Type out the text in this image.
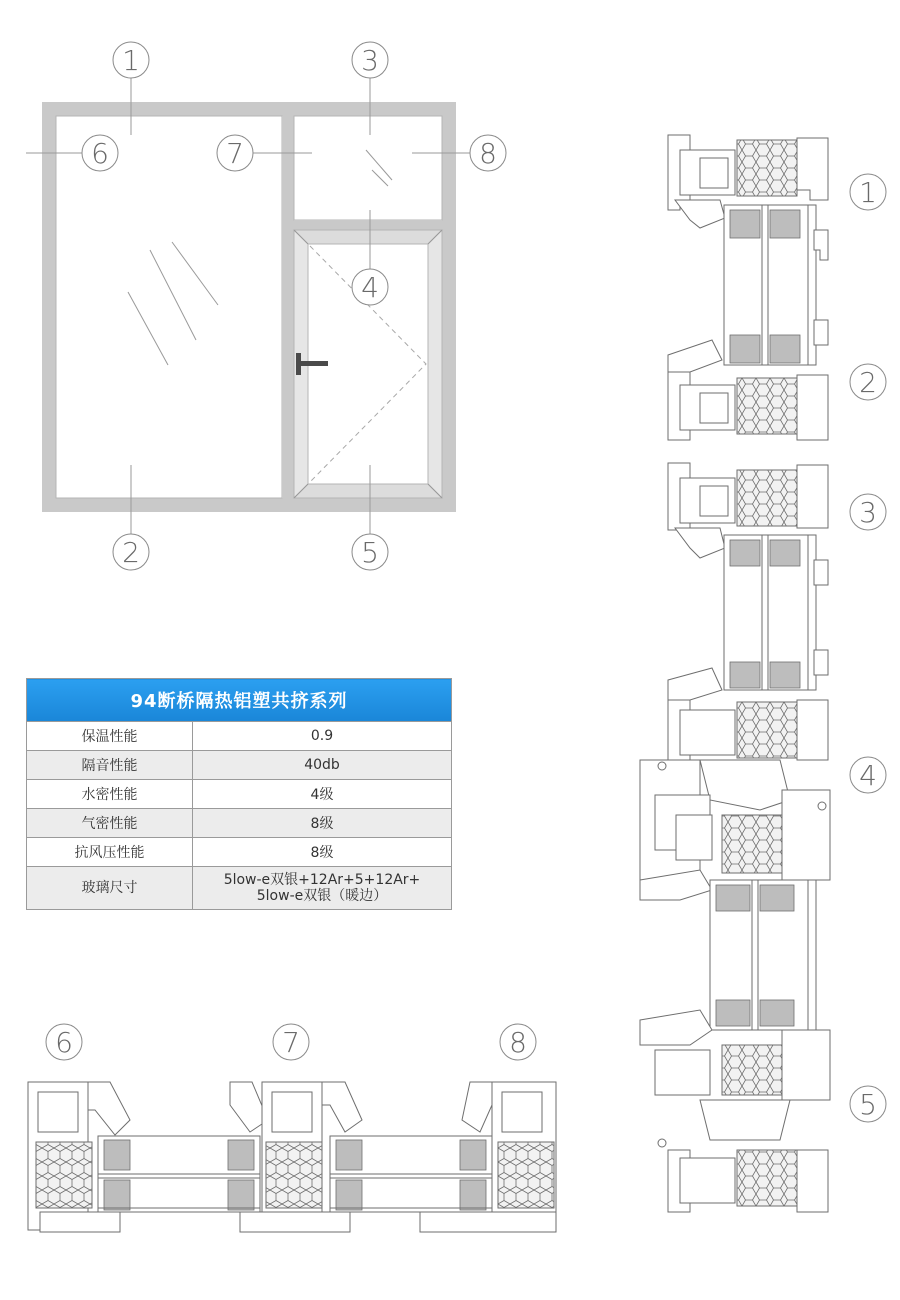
1	3
6	7	8
4
2	5
1
2
3
4
5
6	7	8
94断桥隔热铝塑共挤系列	
保温性能	0.9
隔音性能	40db
水密性能	4级
气密性能	8级
抗风压性能	8级
玻璃尺寸	5low-e双银+12Ar+5+12Ar+
5low-e双银（暖边）
